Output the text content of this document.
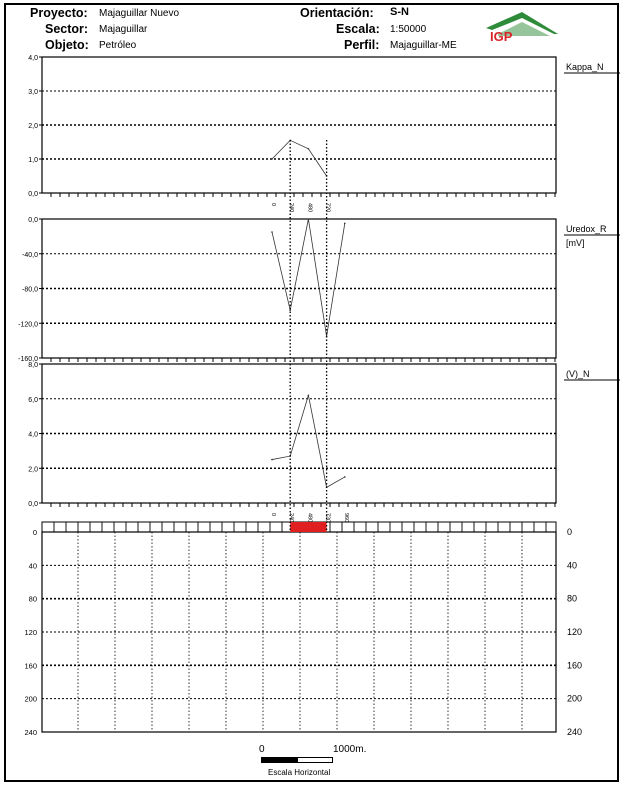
Proyecto: Majaguillar Nuevo
Sector: Majaguillar
Objeto: Petróleo
Orientación: S-N
Escala: 1:50000
Perfil: Majaguillar-ME
IGP
4,0
3,0
2,0
1,0
0,0
0 240 480 720
Kappa_N
0,0
-40,0
-80,0
-120,0
-160,0
Uredox_R
[mV]
8,0
6,0
4,0
2,0
0,0
0 240 480 720 960
(V)_N
0	0
40	40
80	80
120	120
160	160
200	200
240	240
0	1000m.
Escala Horizontal
